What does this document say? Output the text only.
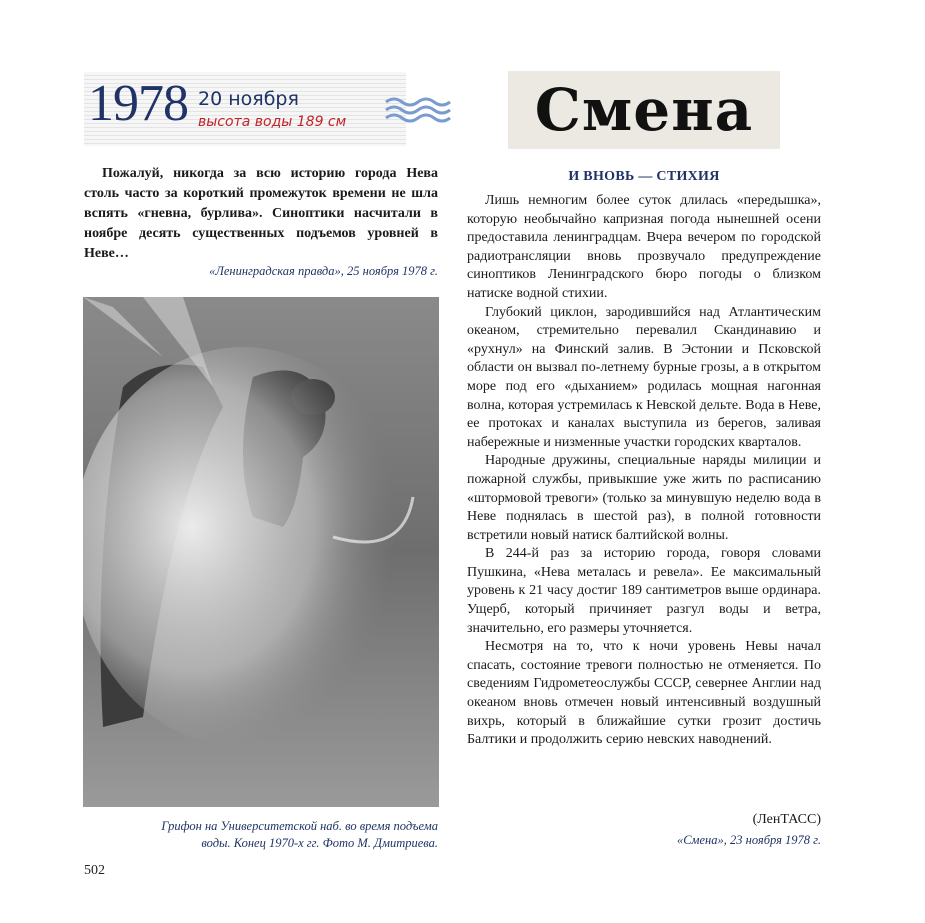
1978 20 ноября
высота воды 189 см	Смена

Пожалуй, никогда за всю историю города Нева столь часто за короткий промежуток времени не шла вспять «гневна, бурлива». Синоптики насчитали в ноябре десять существенных подъемов уровней в Неве…

«Ленинградская правда», 25 ноября 1978 г.

Грифон на Университетской наб. во время подъема
воды. Конец 1970-х гг. Фото М. Дмитриева.

502
И ВНОВЬ — СТИХИЯ

Лишь немногим более суток длилась «передышка», которую необычайно капризная погода нынешней осени предоставила ленинградцам. Вчера вечером по городской радиотрансляции вновь прозвучало предупреждение синоптиков Ленинградского бюро погоды о близком натиске водной стихии.

Глубокий циклон, зародившийся над Атлантическим океаном, стремительно перевалил Скандинавию и «рухнул» на Финский залив. В Эстонии и Псковской области он вызвал по-летнему бурные грозы, а в открытом море под его «дыханием» родилась мощная нагонная волна, которая устремилась к Невской дельте. Вода в Неве, ее протоках и каналах выступила из берегов, заливая набережные и низменные участки городских кварталов.

Народные дружины, специальные наряды милиции и пожарной службы, привыкшие уже жить по расписанию «штормовой тревоги» (только за минувшую неделю вода в Неве поднялась в шестой раз), в полной готовности встретили новый натиск балтийской волны.

В 244-й раз за историю города, говоря словами Пушкина, «Нева металась и ревела». Ее максимальный уровень к 21 часу достиг 189 сантиметров выше ординара. Ущерб, который причиняет разгул воды и ветра, значительно, его размеры уточняется.

Несмотря на то, что к ночи уровень Невы начал спасать, состояние тревоги полностью не отменяется. По сведениям Гидрометеослужбы СССР, севернее Англии над океаном вновь отмечен новый интенсивный воздушный вихрь, который в ближайшие сутки грозит достичь Балтики и продолжить серию невских наводнений.

(ЛенТАСС)
«Смена», 23 ноября 1978 г.
